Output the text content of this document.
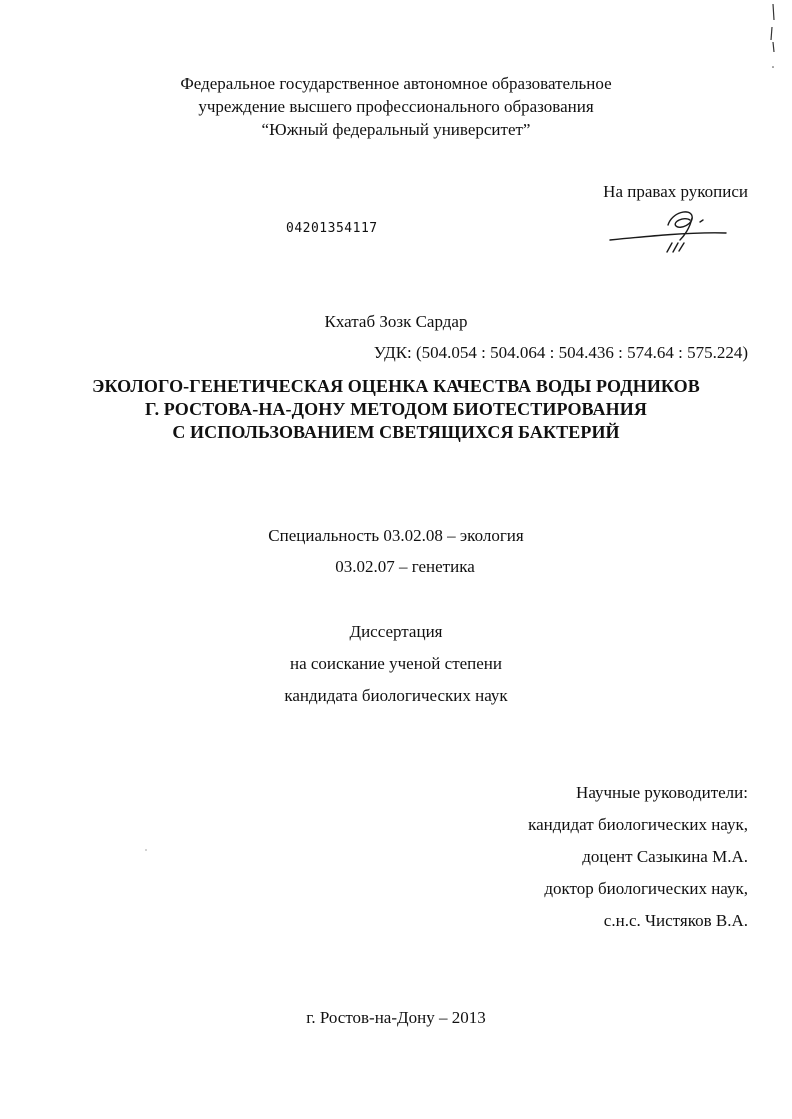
Федеральное государственное автономное образовательное
учреждение высшего профессионального образования
“Южный федеральный университет”
На правах рукописи
04201354117
Кхатаб Зозк Сардар
УДК: (504.054 : 504.064 : 504.436 : 574.64 : 575.224)
ЭКОЛОГО-ГЕНЕТИЧЕСКАЯ ОЦЕНКА КАЧЕСТВА ВОДЫ РОДНИКОВ
Г. РОСТОВА-НА-ДОНУ МЕТОДОМ БИОТЕСТИРОВАНИЯ
С ИСПОЛЬЗОВАНИЕМ СВЕТЯЩИХСЯ БАКТЕРИЙ
Специальность 03.02.08 – экология
03.02.07 – генетика
Диссертация
на соискание ученой степени
кандидата биологических наук
Научные руководители:
кандидат биологических наук,
доцент Сазыкина М.А.
доктор биологических наук,
с.н.с. Чистяков В.А.
г. Ростов-на-Дону – 2013
